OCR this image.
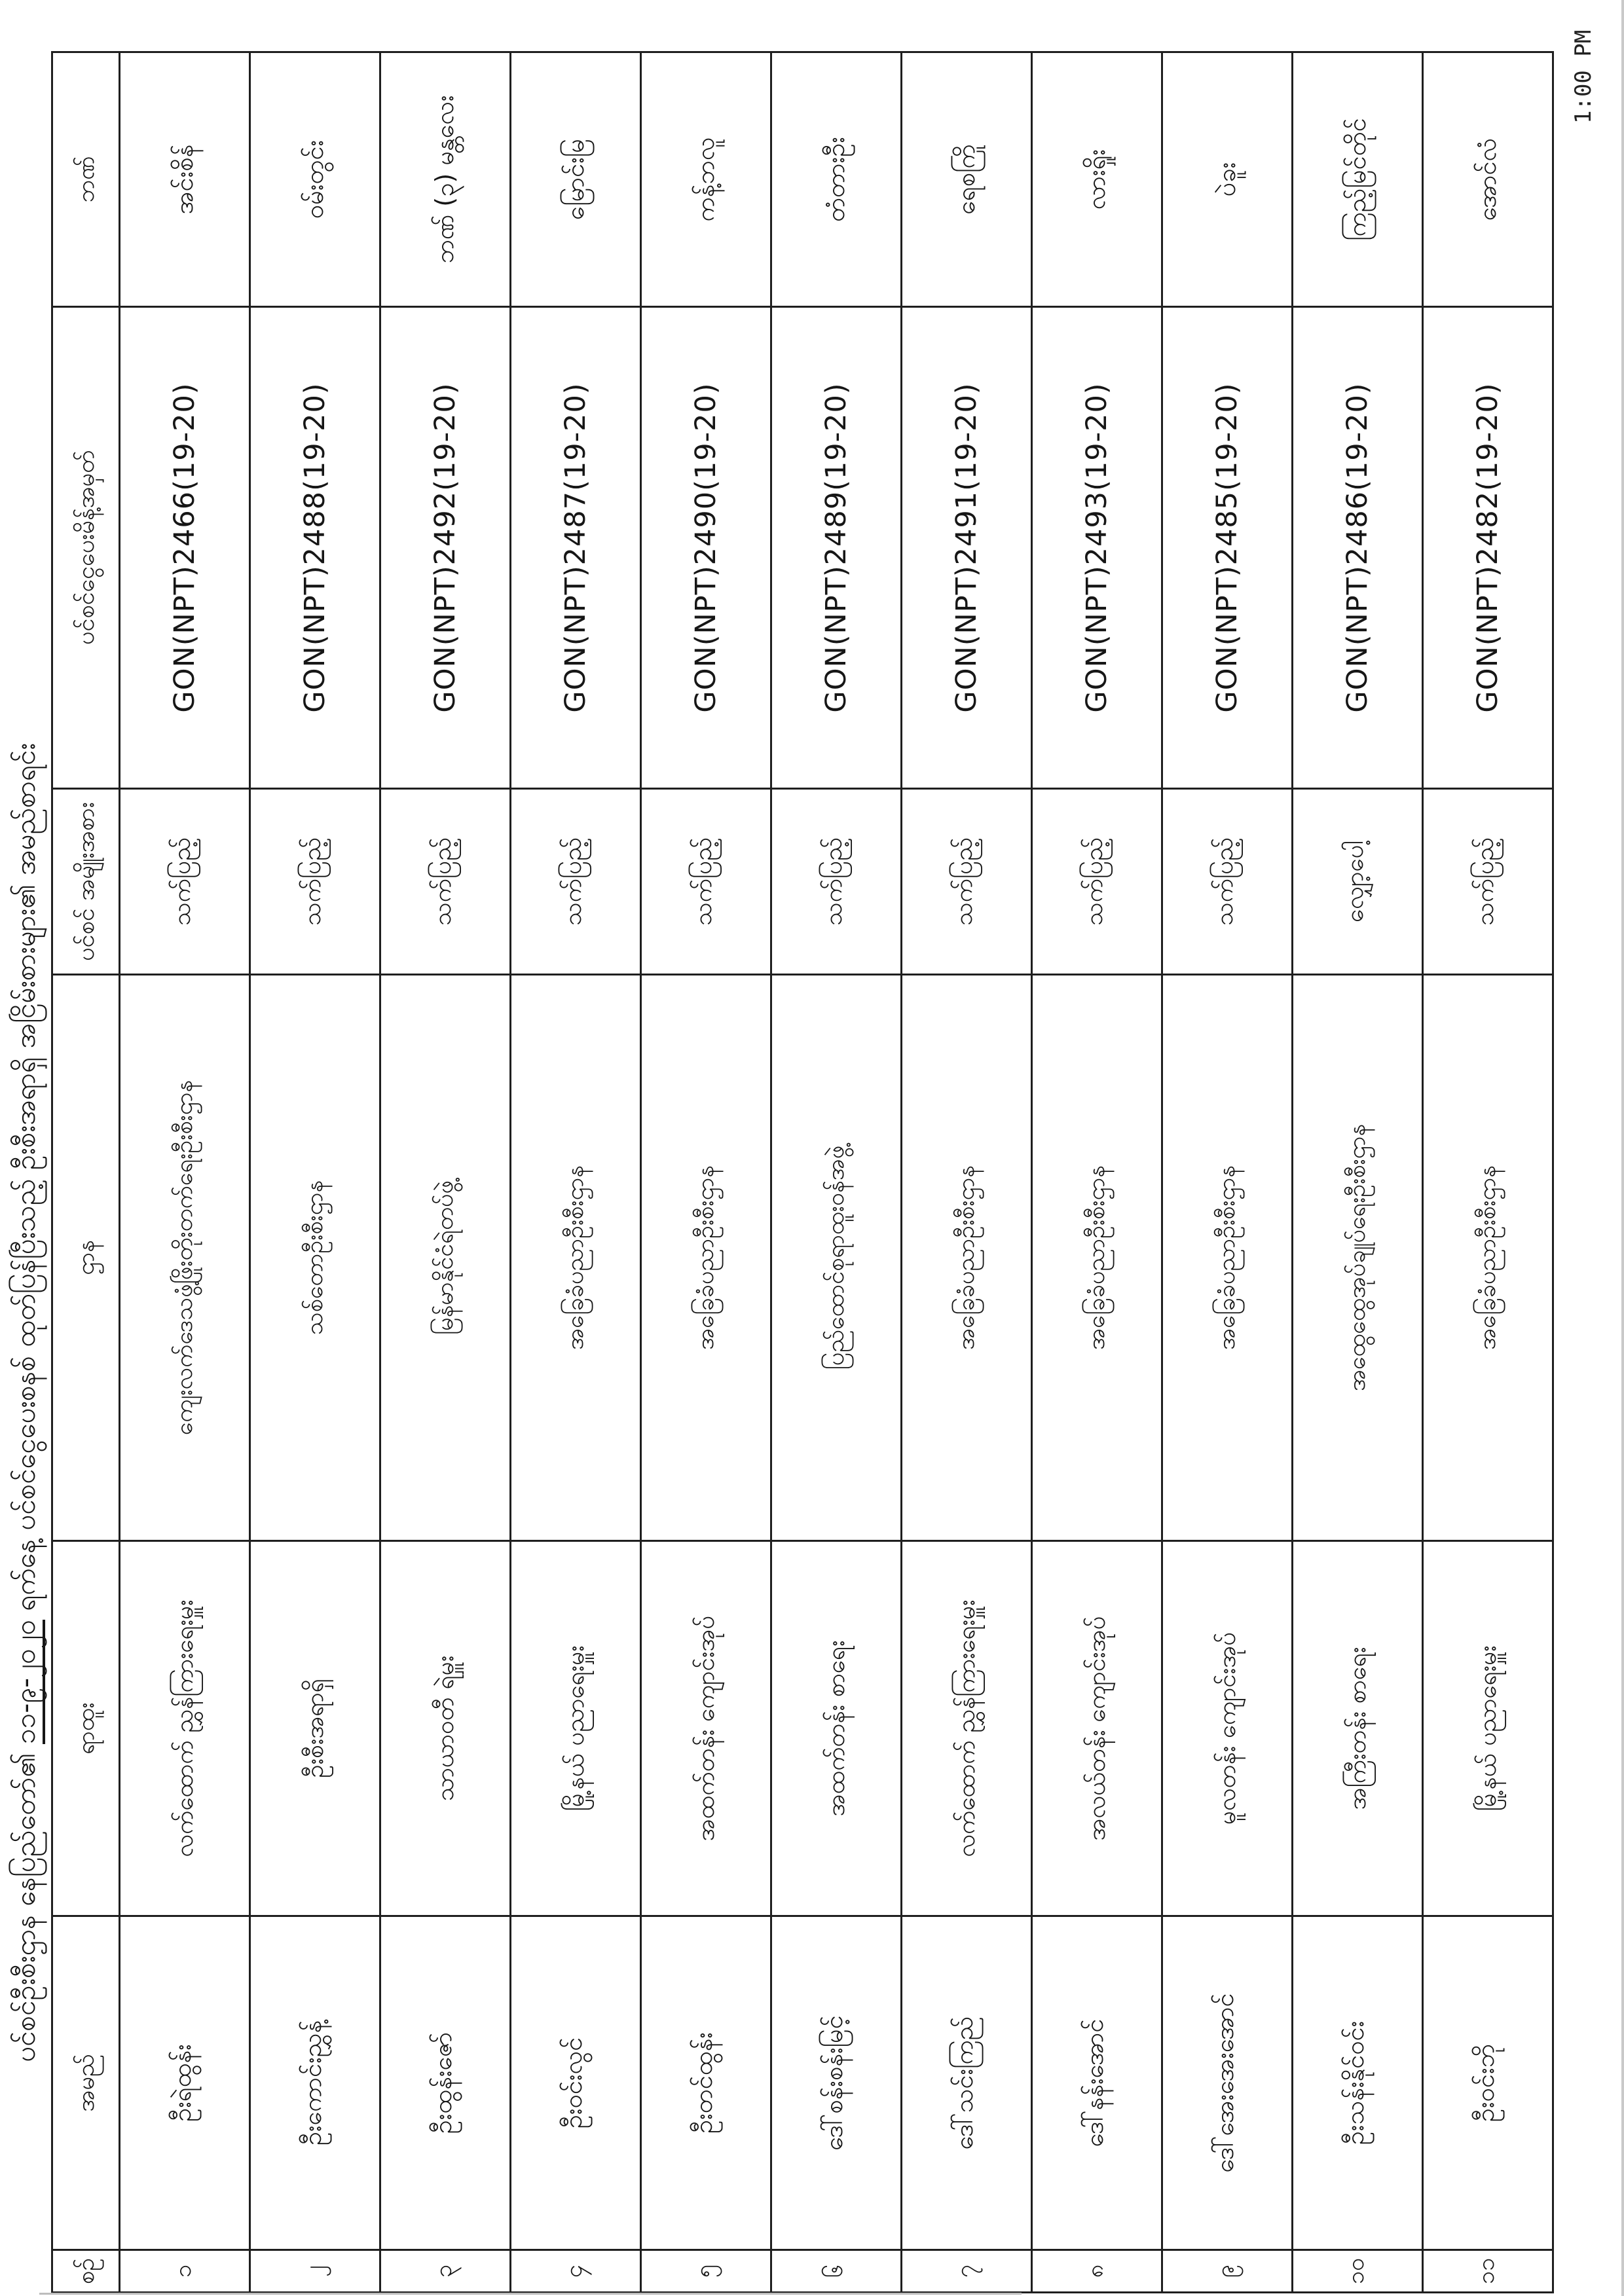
ပင်စင်ဦးစီးဌာန နေပြည်တော်၏ ၁၁-၉-၂၀၂၀ ရက်နေ့ ပင်စင်ငွေပေးစနစ် ထုတ်ပြန်ပြီးသည့် ဦးစီးအရာရှိ အငြိမ်းစားများ၏ အမည်စာရင်း
စဉ်	အမည်	ရာထူး	ဌာန	ပင်စင် အမျိုးအစား	ပင်စင်ငွေပေးမိန့်အမှတ်	ဘဏ်
၁	ဦးရဲထွန်း	လက်ထောက် ညွှန်ကြားရေးမှူး	ကျေးလက်ဒေသဖွံ့ဖြိုးတိုးတက်ရေးဦးစီးဌာန	သက်ပြည့်	GON(NPT)2466(19-20)	အင်းစိန်
၂	ဦးကောင်းညွှန့်	ဦးစီးအရာရှိ	သစ်တောဦးစီးဌာန	သက်ပြည့်	GON(NPT)2488(19-20)	ဝမ်းတွင်း
၃	ဦးထွန်းဇော်	သာယာဝတီ ရဲမှူး	မြန်မာနိုင်ငံရဲတပ်ဖွဲ့	သက်ပြည့်	GON(NPT)2492(19-20)	ဘဏ် (၃) မန္တလေး
၄	ဦးဝင်းလွင်	မြို့နယ် ပညာရေးမှူး	အခြေခံပညာဦးစီးဌာန	သက်ပြည့်	GON(NPT)2487(19-20)	မြောင်းမြ
၅	ဦးတင်ထွန်း	အထက်တန်း ကျောင်းအုပ်	အခြေခံပညာဦးစီးဌာန	သက်ပြည့်	GON(NPT)2490(19-20)	ကန့်ဘလူ
၆	ဒေါ်စန်းစန်းမြင့်	အထက်တန်း စာရေး	ပြည်ထောင်စုရာထူးဝန်အဖွဲ့	သက်ပြည့်	GON(NPT)2489(19-20)	တံတားဦး
၇	ဒေါ်သင်းကြည်	လက်ထောက် ညွှန်ကြားရေးမှူး	အခြေခံပညာဦးစီးဌာန	သက်ပြည့်	GON(NPT)2491(19-20)	ရေစကြို
၈	ဒေါ်နန်းအောင်	အလယ်တန်း ကျောင်းအုပ်	အခြေခံပညာဦးစီးဌာန	သက်ပြည့်	GON(NPT)2493(19-20)	လားရှိုး
၉	ဒေါ်အေးအေးအောင်	မူလတန်း ကျောင်းအုပ်	အခြေခံပညာဦးစီးဌာန	သက်ပြည့်	GON(NPT)2485(19-20)	ပဲခူး
၁၀	ဦးသန်းနိုင်ဝင်း	အကြီးတန်း စာရေး	အထွေထွေအုပ်ချုပ်ရေးဦးစီးဌာန	လျှော့ပေါ့	GON(NPT)2486(19-20)	ကြည့်မြင်တိုင်
၁၁	ဦးဝင်းဘို	မြို့နယ် ပညာရေးမှူး	အခြေခံပညာဦးစီးဌာန	သက်ပြည့်	GON(NPT)2482(19-20)	အောင်လံ
1:00 PM
